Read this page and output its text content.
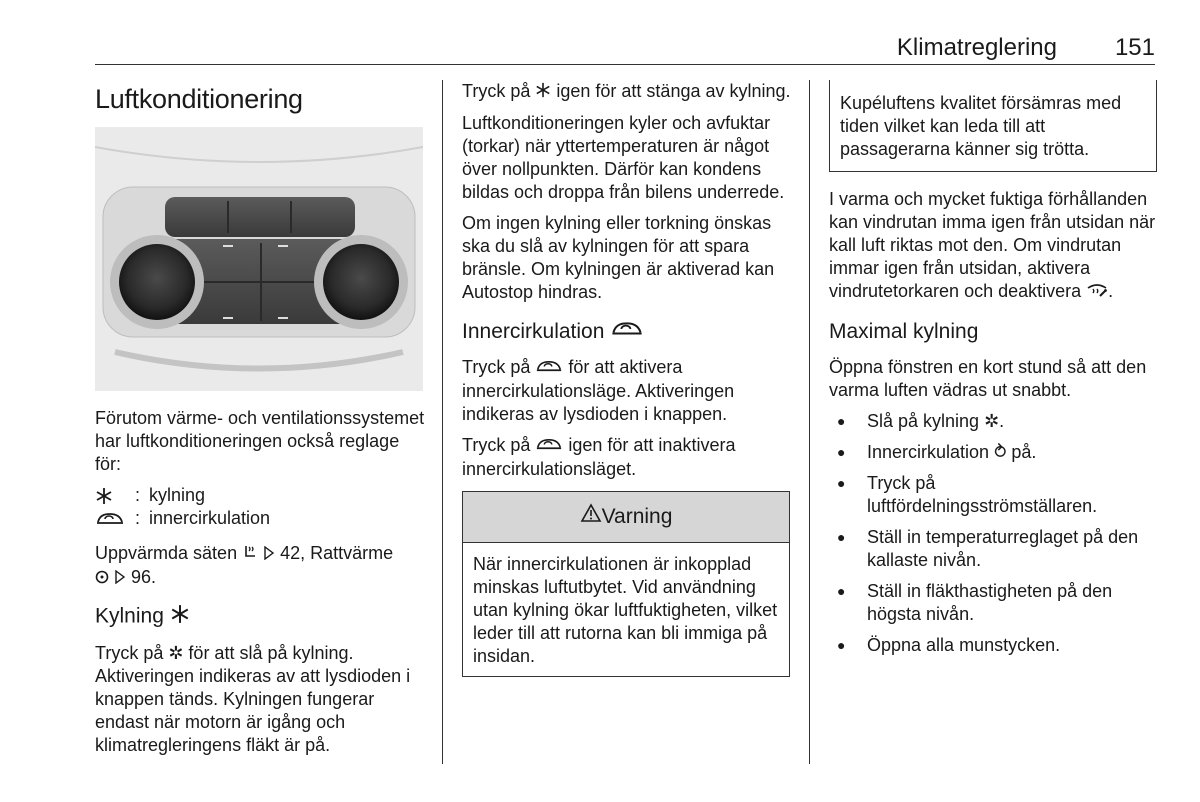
Klimatreglering 151
Luftkonditionering

Förutom värme- och ventilationssystemet har luftkonditioneringen också reglage för:

: kylning
: innercirkulation

Uppvärmda säten 42, Rattvärme
96.

Kylning

Tryck på ✲ för att slå på kylning. Aktiveringen indikeras av att lysdioden i knappen tänds. Kylningen fungerar endast när motorn är igång och klimatregleringens fläkt är på.

Tryck på igen för att stänga av kylning.

Luftkonditioneringen kyler och avfuktar (torkar) när yttertemperaturen är något över nollpunkten. Därför kan kondens bildas och droppa från bilens underrede.

Om ingen kylning eller torkning önskas ska du slå av kylningen för att spara bränsle. Om kylningen är aktiverad kan Autostop hindras.

Innercirkulation

Tryck på för att aktivera innercirkulationsläge. Aktiveringen indikeras av lysdioden i knappen.

Tryck på igen för att inaktivera innercirkulationsläget.

Varning

När innercirkulationen är inkopplad minskas luftutbytet. Vid användning utan kylning ökar luftfuktigheten, vilket leder till att rutorna kan bli immiga på insidan.

Kupéluftens kvalitet försämras med tiden vilket kan leda till att passagerarna känner sig trötta.

I varma och mycket fuktiga förhållanden kan vindrutan imma igen från utsidan när kall luft riktas mot den. Om vindrutan immar igen från utsidan, aktivera vindrutetorkaren och deaktivera .

Maximal kylning

Öppna fönstren en kort stund så att den varma luften vädras ut snabbt.

● Slå på kylning ✲.
● Innercirkulation ⥁ på.
● Tryck på luftfördelningsströmställaren.
● Ställ in temperaturreglaget på den kallaste nivån.
● Ställ in fläkthastigheten på den högsta nivån.
● Öppna alla munstycken.
